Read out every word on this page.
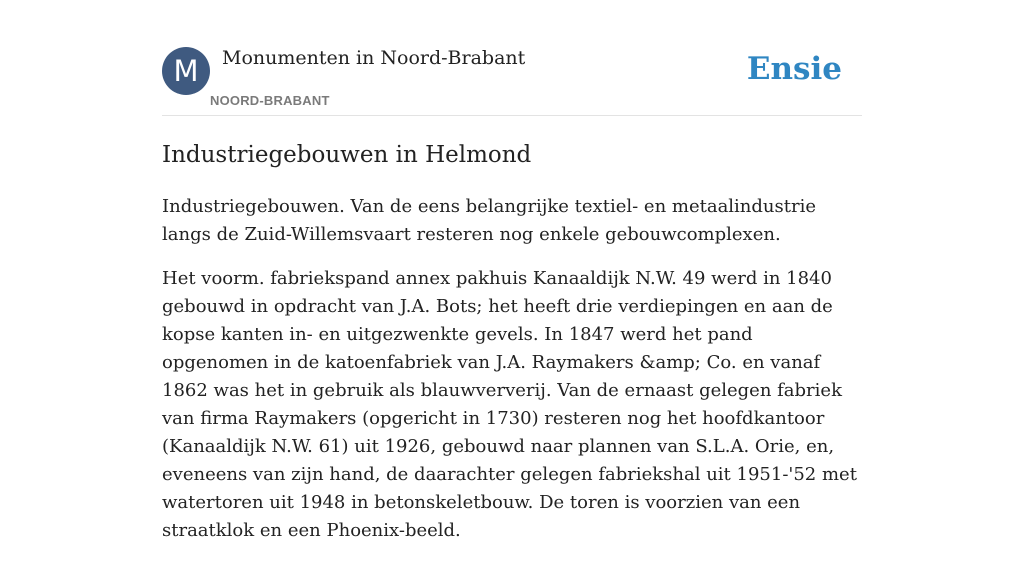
M	Monumenten in Noord-Brabant
NOORD-BRABANT
Ensie
Industriegebouwen in Helmond

Industriegebouwen. Van de eens belangrijke textiel- en metaalindustrie langs de Zuid-Willemsvaart resteren nog enkele gebouwcomplexen.

Het voorm. fabriekspand annex pakhuis Kanaaldijk N.W. 49 werd in 1840 gebouwd in opdracht van J.A. Bots; het heeft drie verdiepingen en aan de kopse kanten in- en uitgezwenkte gevels. In 1847 werd het pand opgenomen in de katoenfabriek van J.A. Raymakers &amp; Co. en vanaf 1862 was het in gebruik als blauwververij. Van de ernaast gelegen fabriek van firma Raymakers (opgericht in 1730) resteren nog het hoofdkantoor (Kanaaldijk N.W. 61) uit 1926, gebouwd naar plannen van S.L.A. Orie, en, eveneens van zijn hand, de daarachter gelegen fabriekshal uit 1951-'52 met watertoren uit 1948 in betonskeletbouw. De toren is voorzien van een straatklok en een Phoenix-beeld.
